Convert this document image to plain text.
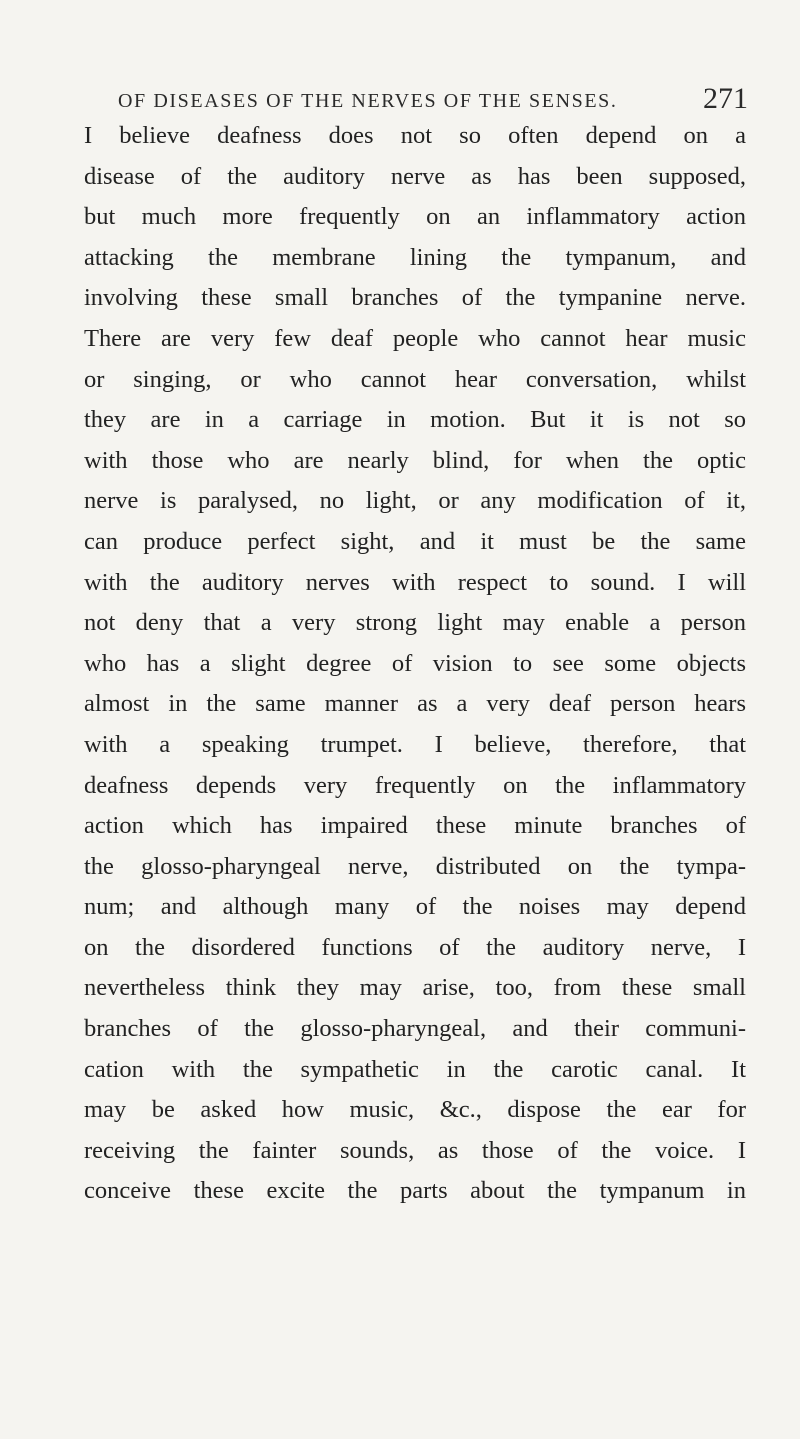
OF DISEASES OF THE NERVES OF THE SENSES.	271
I believe deafness does not so often depend on a
disease of the auditory nerve as has been supposed,
but much more frequently on an inflammatory action
attacking the membrane lining the tympanum, and
involving these small branches of the tympanine nerve.
There are very few deaf people who cannot hear music
or singing, or who cannot hear conversation, whilst
they are in a carriage in motion. But it is not so
with those who are nearly blind, for when the optic
nerve is paralysed, no light, or any modification of it,
can produce perfect sight, and it must be the same
with the auditory nerves with respect to sound. I will
not deny that a very strong light may enable a person
who has a slight degree of vision to see some objects
almost in the same manner as a very deaf person hears
with a speaking trumpet. I believe, therefore, that
deafness depends very frequently on the inflammatory
action which has impaired these minute branches of
the glosso-pharyngeal nerve, distributed on the tympa-
num; and although many of the noises may depend
on the disordered functions of the auditory nerve, I
nevertheless think they may arise, too, from these small
branches of the glosso-pharyngeal, and their communi-
cation with the sympathetic in the carotic canal. It
may be asked how music, &c., dispose the ear for
receiving the fainter sounds, as those of the voice. I
conceive these excite the parts about the tympanum in
